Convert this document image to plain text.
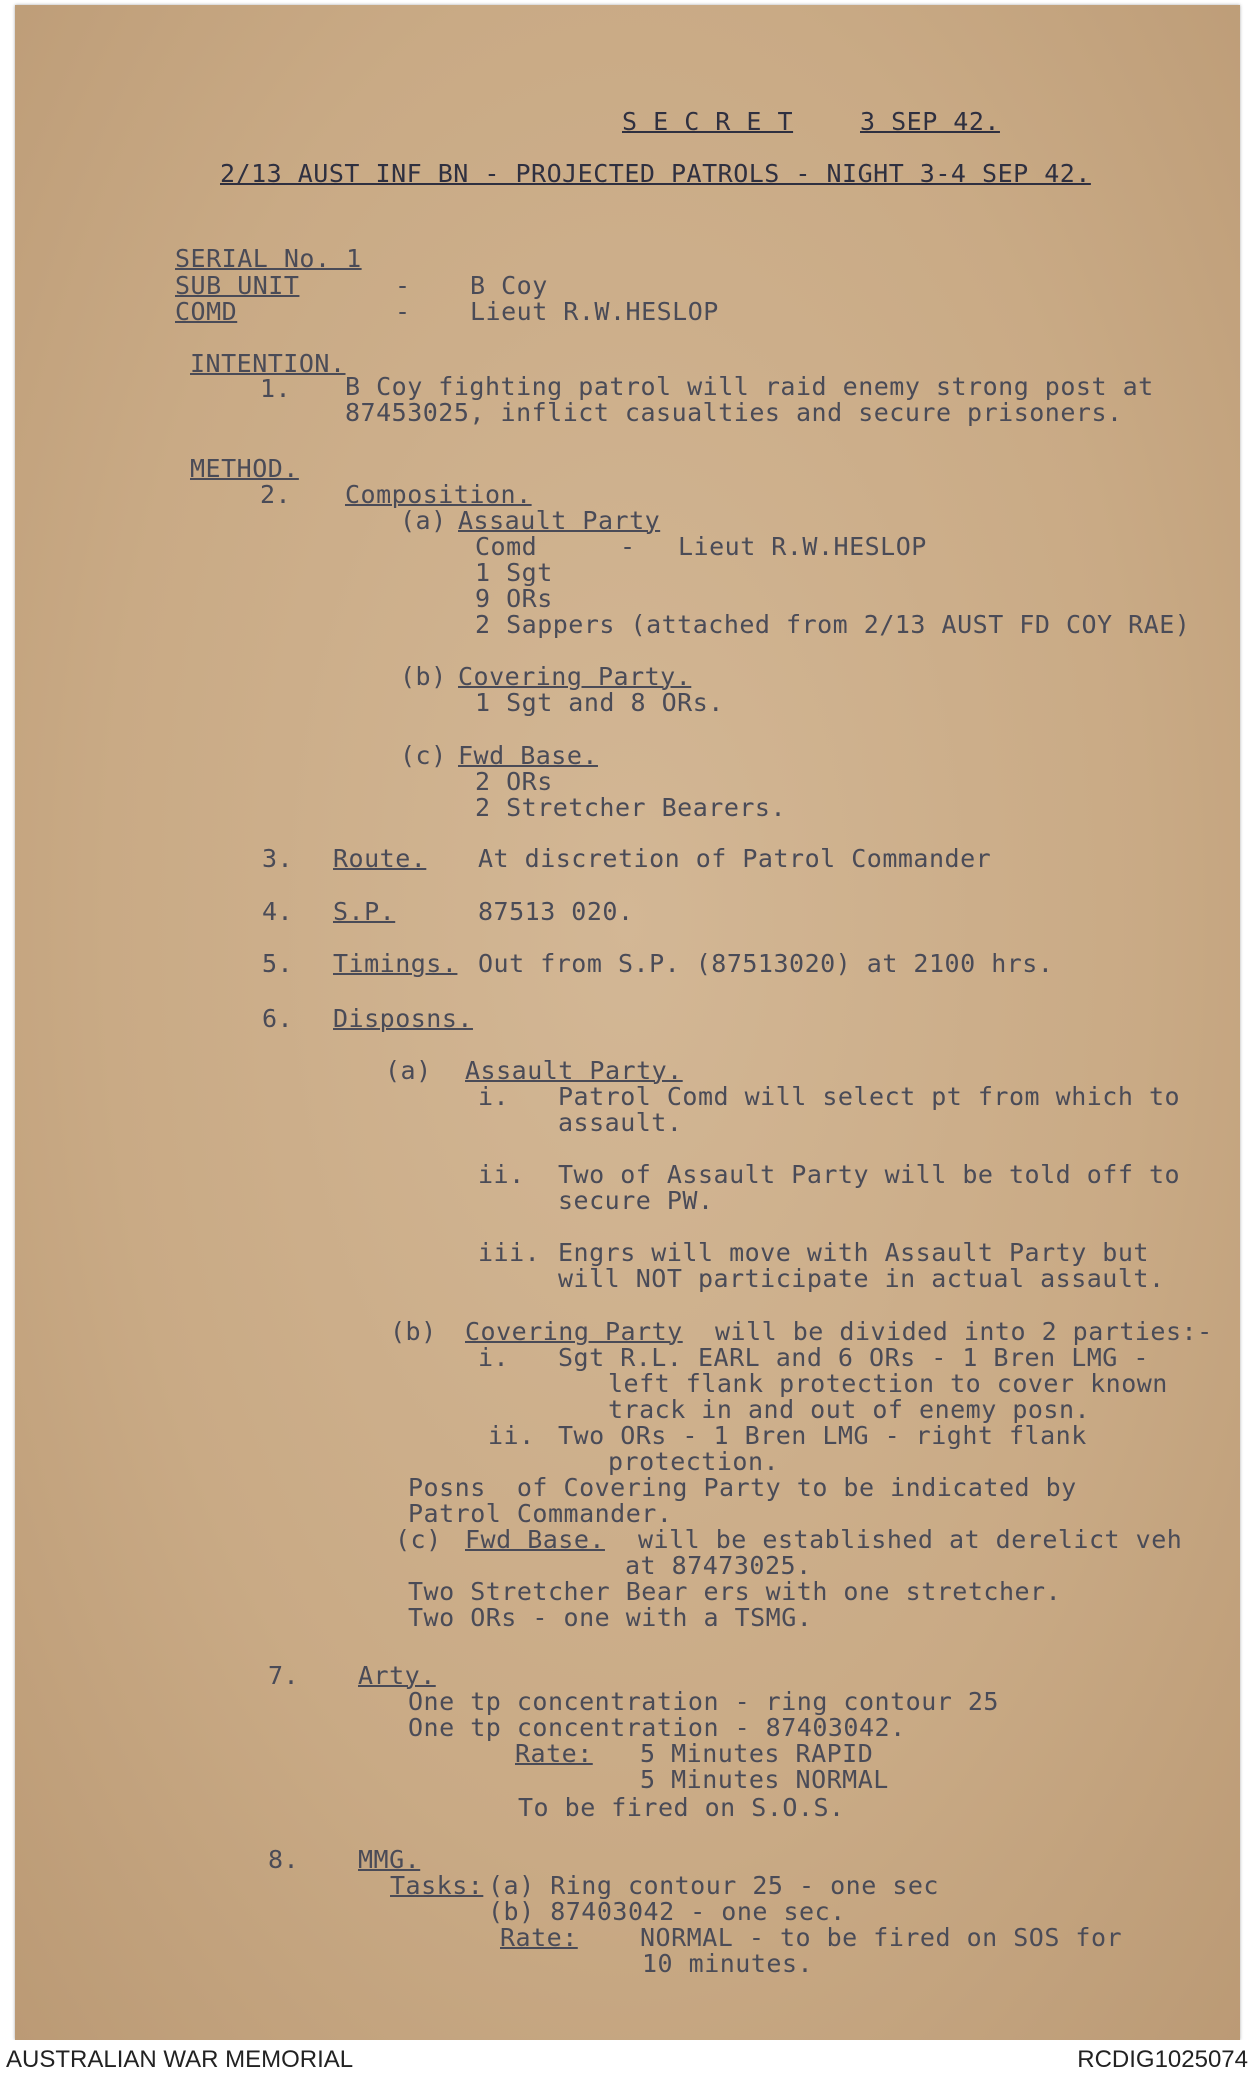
S E C R E T	3 SEP 42.
2/13 AUST INF BN - PROJECTED PATROLS - NIGHT 3-4 SEP 42.
SERIAL No. 1
SUB UNIT	- B Coy
COMD	- Lieut R.W.HESLOP
INTENTION.
1. B Coy fighting patrol will raid enemy strong post at
87453025, inflict casualties and secure prisoners.
METHOD.
2. Composition.
(a) Assault Party
Comd	- Lieut R.W.HESLOP
1 Sgt
9 ORs
2 Sappers (attached from 2/13 AUST FD COY RAE)
(b) Covering Party.
1 Sgt and 8 ORs.
(c) Fwd Base.
2 ORs
2 Stretcher Bearers.
3. Route. At discretion of Patrol Commander
4. S.P.	87513 020.
5. Timings. Out from S.P. (87513020) at 2100 hrs.
6. Disposns.
(a) Assault Party.
i. Patrol Comd will select pt from which to
assault.
ii. Two of Assault Party will be told off to
secure PW.
iii. Engrs will move with Assault Party but
will NOT participate in actual assault.
(b) Covering Party will be divided into 2 parties:-
i. Sgt R.L. EARL and 6 ORs - 1 Bren LMG -
left flank protection to cover known
track in and out of enemy posn.
ii. Two ORs - 1 Bren LMG - right flank
protection.
Posns  of Covering Party to be indicated by
Patrol Commander.
(c) Fwd Base. will be established at derelict veh
at 87473025.
Two Stretcher Bear ers with one stretcher.
Two ORs - one with a TSMG.
7. Arty.
One tp concentration - ring contour 25
One tp concentration - 87403042.
Rate: 5 Minutes RAPID
5 Minutes NORMAL
To be fired on S.O.S.
8. MMG.
Tasks: (a) Ring contour 25 - one sec
(b) 87403042 - one sec.
Rate: NORMAL - to be fired on SOS for
10 minutes.
AUSTRALIAN WAR MEMORIAL	RCDIG1025074
